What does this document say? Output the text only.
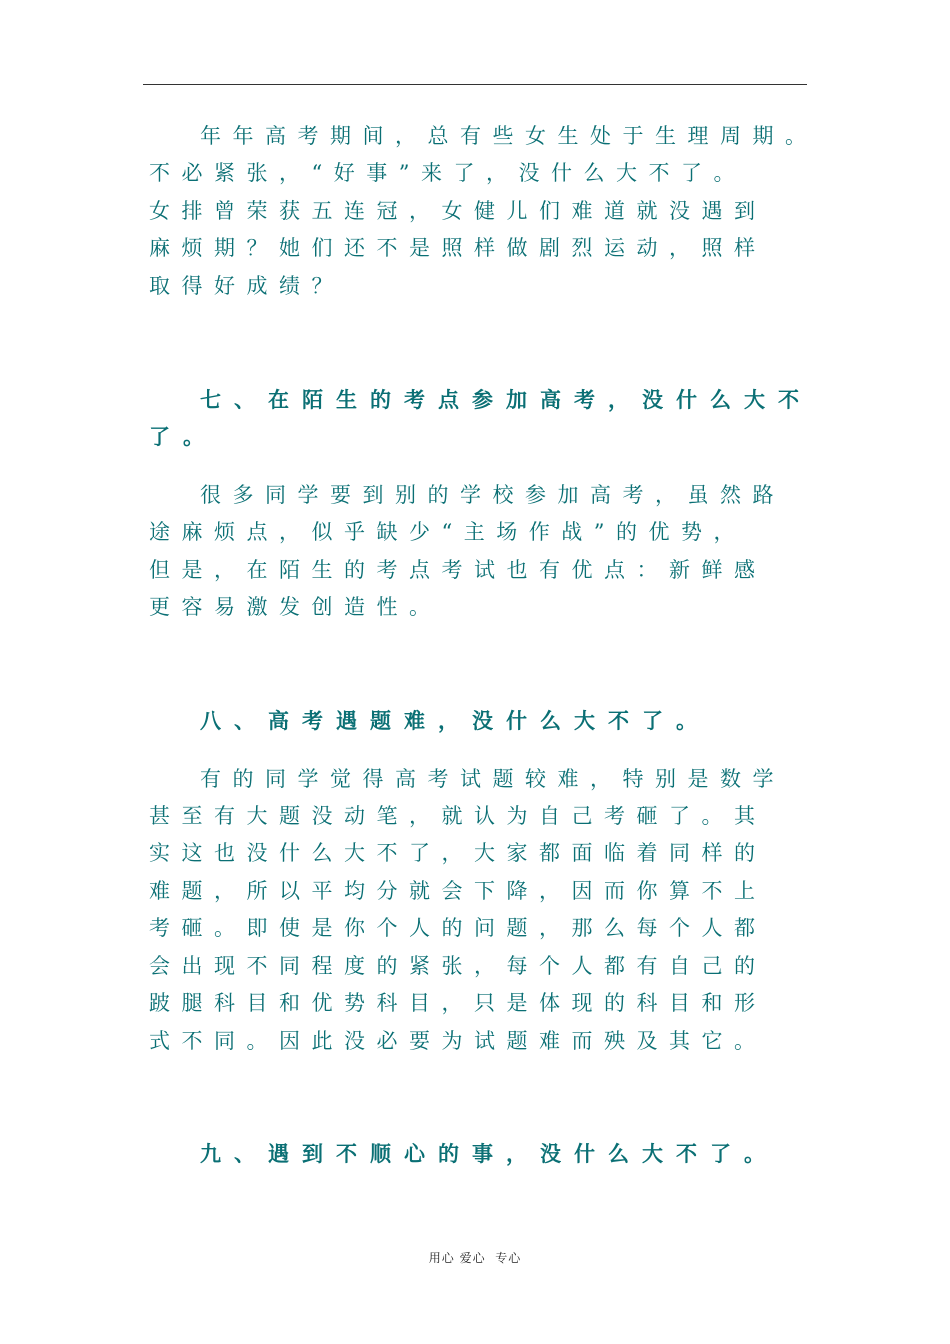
年年高考期间，总有些女生处于生理周期。
不必紧张，“好事”来了，没什么大不了。
女排曾荣获五连冠，女健儿们难道就没遇到
麻烦期？她们还不是照样做剧烈运动，照样
取得好成绩？
七、在陌生的考点参加高考，没什么大不
了。
很多同学要到别的学校参加高考，虽然路
途麻烦点，似乎缺少“主场作战”的优势，
但是，在陌生的考点考试也有优点：新鲜感
更容易激发创造性。
八、高考遇题难，没什么大不了。
有的同学觉得高考试题较难，特别是数学
甚至有大题没动笔，就认为自己考砸了。其
实这也没什么大不了，大家都面临着同样的
难题，所以平均分就会下降，因而你算不上
考砸。即使是你个人的问题，那么每个人都
会出现不同程度的紧张，每个人都有自己的
跛腿科目和优势科目，只是体现的科目和形
式不同。因此没必要为试题难而殃及其它。
九、遇到不顺心的事，没什么大不了。
用心 爱心  专心
